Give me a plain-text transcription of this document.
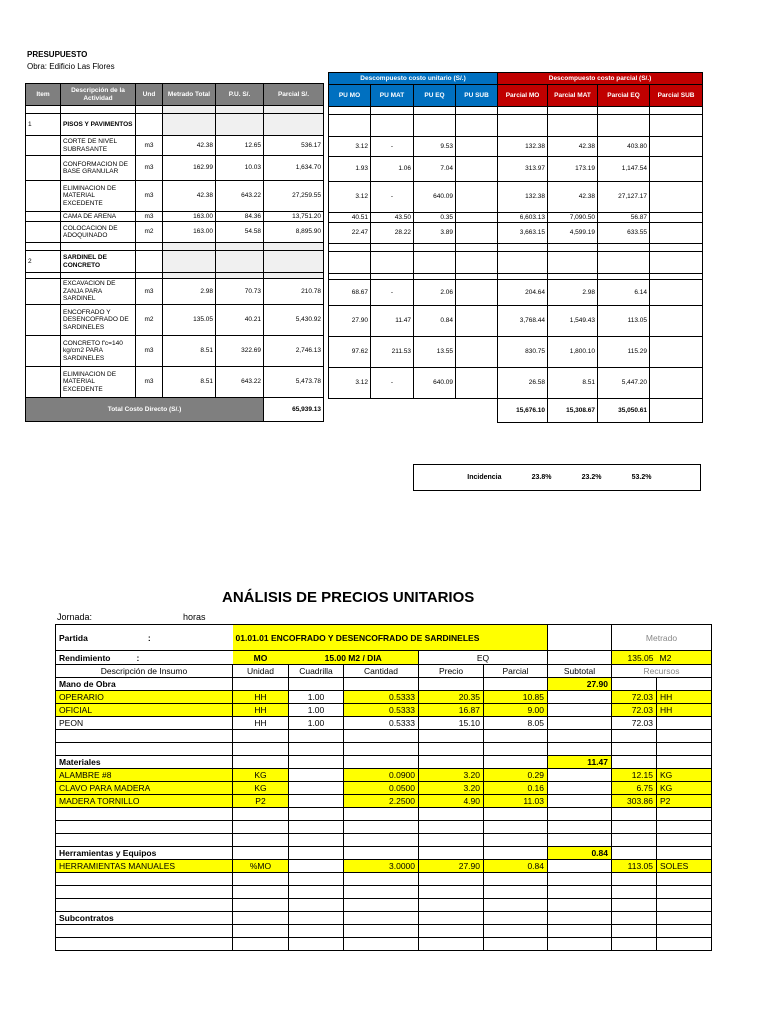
PRESUPUESTO
Obra: Edificio Las Flores
Item	Descripción de la Actividad	Und	Metrado Total	P.U. S/.	Parcial S/.

1	PISOS Y PAVIMENTOS				
	CORTE DE NIVEL SUBRASANTE	m3	42.38	12.65	536.17
	CONFORMACION DE BASE GRANULAR	m3	162.99	10.03	1,634.70
	ELIMINACION DE MATERIAL EXCEDENTE	m3	42.38	643.22	27,259.55
	CAMA DE ARENA	m3	163.00	84.36	13,751.20
	COLOCACION DE ADOQUINADO	m2	163.00	54.58	8,895.90

2	SARDINEL DE CONCRETO				

	EXCAVACION DE ZANJA PARA SARDINEL	m3	2.98	70.73	210.78
	ENCOFRADO Y DESENCOFRADO DE SARDINELES	m2	135.05	40.21	5,430.92
	CONCRETO f'c=140 kg/cm2 PARA SARDINELES	m3	8.51	322.69	2,746.13
	ELIMINACION DE MATERIAL EXCEDENTE	m3	8.51	643.22	5,473.78
Total Costo Directo (S/.)					65,939.13
Descompuesto costo unitario (S/.)				Descompuesto costo parcial (S/.)			
PU MO	PU MAT	PU EQ	PU SUB	Parcial MO	Parcial MAT	Parcial EQ	Parcial SUB

3.12	-	9.53		132.38	42.38	403.80	
1.93	1.06	7.04		313.97	173.19	1,147.54	
3.12	-	640.09		132.38	42.38	27,127.17	
40.51	43.50	0.35		6,603.13	7,090.50	56.87	
22.47	28.22	3.89		3,663.15	4,599.19	633.55	

68.67	-	2.06		204.64	2.98	6.14	
27.90	11.47	0.84		3,768.44	1,549.43	113.05	
97.62	211.53	13.55		830.75	1,800.10	115.29	
3.12	-	640.09		26.58	8.51	5,447.20	
				15,676.10	15,308.67	35,050.61	
Incidencia	23.8%	23.2%	53.2%	
ANÁLISIS DE PRECIOS UNITARIOS
Jornada:	horas
Partida :	01.01.01 ENCOFRADO Y DESENCOFRADO DE SARDINELES						Metrado	
Rendimiento :	MO	15.00 M2 / DIA		EQ			135.05	M2
Descripción de Insumo	Unidad	Cuadrilla	Cantidad	Precio	Parcial	Subtotal	Recursos	
Mano de Obra						27.90		
OPERARIO	HH	1.00	0.5333	20.35	10.85		72.03	HH
OFICIAL	HH	1.00	0.5333	16.87	9.00		72.03	HH
PEON	HH	1.00	0.5333	15.10	8.05		72.03	

Materiales						11.47		
ALAMBRE #8	KG		0.0900	3.20	0.29		12.15	KG
CLAVO PARA MADERA	KG		0.0500	3.20	0.16		6.75	KG
MADERA TORNILLO	P2		2.2500	4.90	11.03		303.86	P2

Herramientas y Equipos						0.84		
HERRAMIENTAS MANUALES	%MO		3.0000	27.90	0.84		113.05	SOLES

Subcontratos								
